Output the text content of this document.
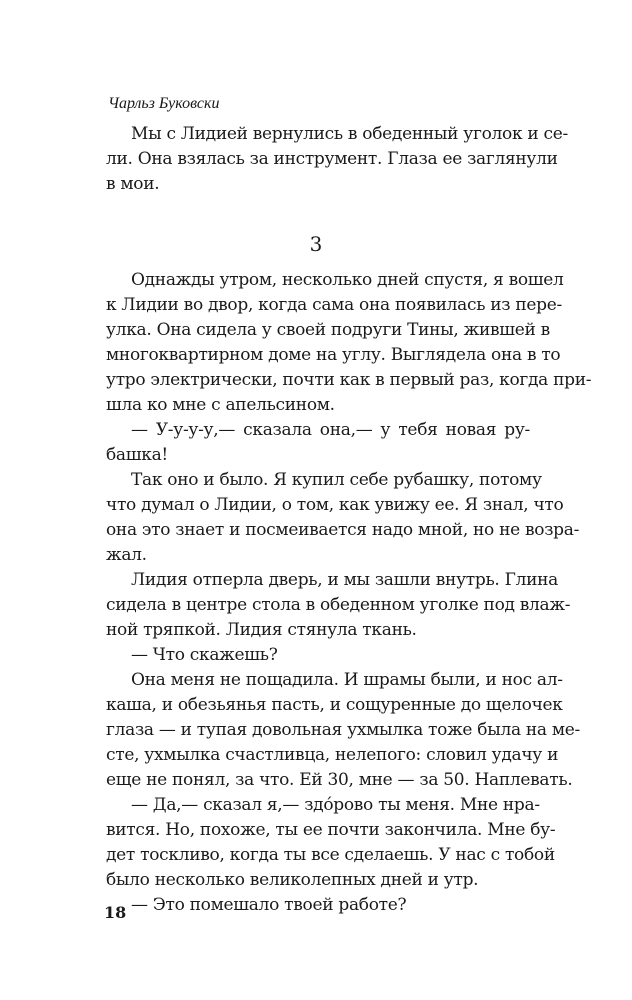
Чарльз Буковски
Мы с Лидией вернулись в обеденный уголок и се-
ли. Она взялась за инструмент. Глаза ее заглянули
в мои.
3
Однажды утром, несколько дней спустя, я вошел
к Лидии во двор, когда сама она появилась из пере-
улка. Она сидела у своей подруги Тины, жившей в
многоквартирном доме на углу. Выглядела она в то
утро электрически, почти как в первый раз, когда при-
шла ко мне с апельсином.
— У-у-у-у,— сказала она,— у тебя новая ру-
башка!
Так оно и было. Я купил себе рубашку, потому
что думал о Лидии, о том, как увижу ее. Я знал, что
она это знает и посмеивается надо мной, но не возра-
жал.
Лидия отперла дверь, и мы зашли внутрь. Глина
сидела в центре стола в обеденном уголке под влаж-
ной тряпкой. Лидия стянула ткань.
— Что скажешь?
Она меня не пощадила. И шрамы были, и нос ал-
каша, и обезьянья пасть, и сощуренные до щелочек
глаза — и тупая довольная ухмылка тоже была на ме-
сте, ухмылка счастливца, нелепого: словил удачу и
еще не понял, за что. Ей 30, мне — за 50. Наплевать.
— Да,— сказал я,— здо́рово ты меня. Мне нра-
вится. Но, похоже, ты ее почти закончила. Мне бу-
дет тоскливо, когда ты все сделаешь. У нас с тобой
было несколько великолепных дней и утр.
— Это помешало твоей работе?
18
